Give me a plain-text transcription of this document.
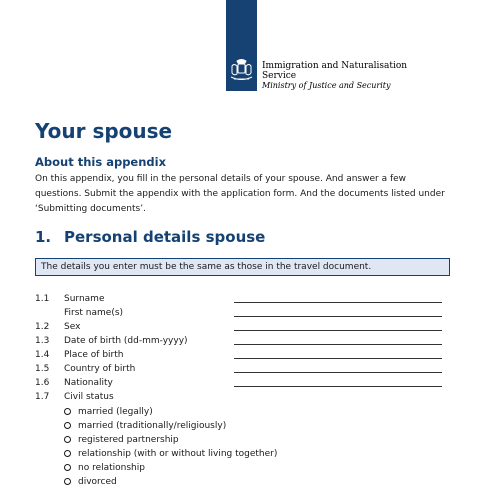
Immigration and Naturalisation
Service
Ministry of Justice and Security
Your spouse
About this appendix

On this appendix, you fill in the personal details of your spouse. And answer a few questions. Submit the appendix with the application form. And the documents listed under ‘Submitting documents’.

1. Personal details spouse
The details you enter must be the same as those in the travel document.
1.1 Surname
First name(s)
1.2 Sex
1.3 Date of birth (dd-mm-yyyy)
1.4 Place of birth
1.5 Country of birth
1.6 Nationality
1.7 Civil status
married (legally)
married (traditionally/religiously)
registered partnership
relationship (with or without living together)
no relationship
divorced
